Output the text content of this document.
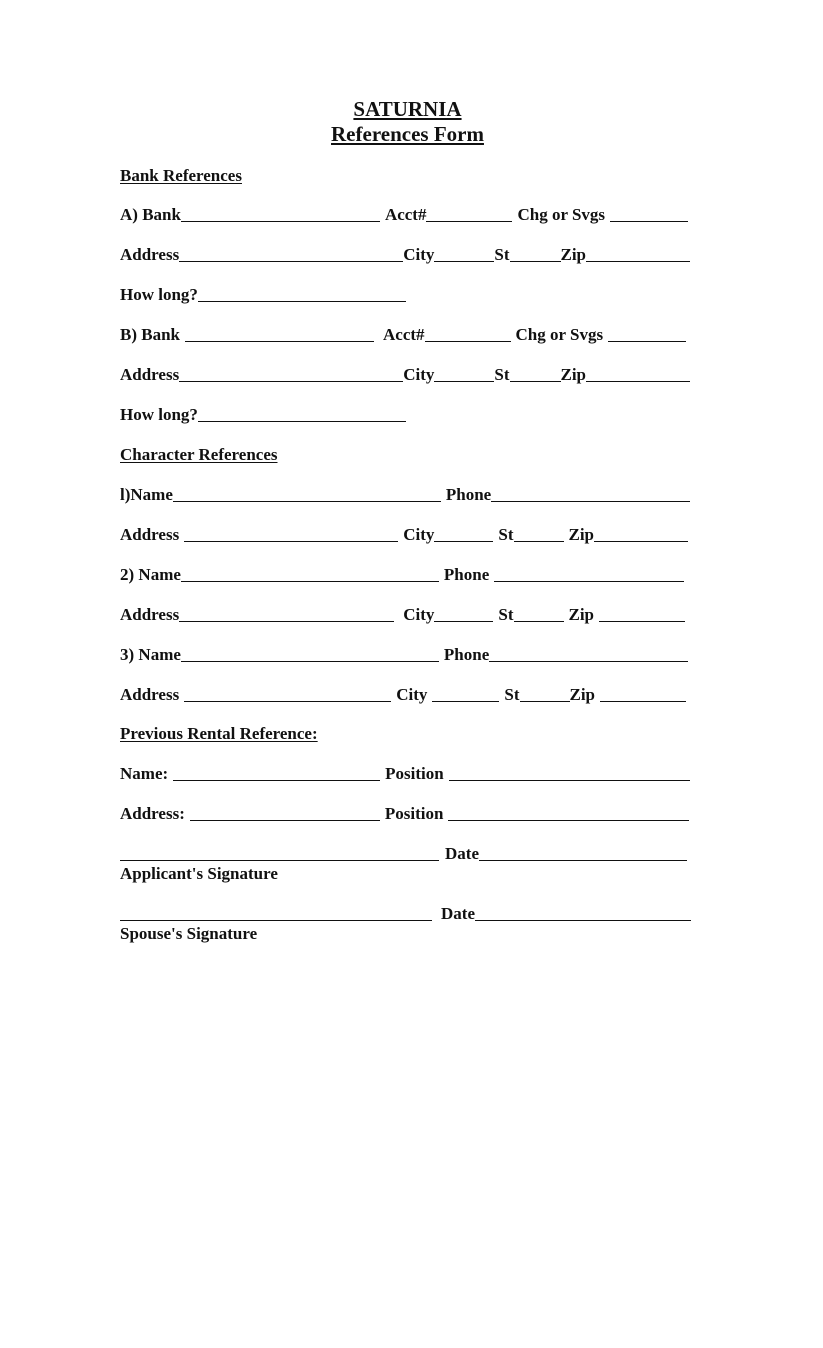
SATURNIA
References Form
Bank References
A) Bank	Acct#	Chg or Svgs
Address	City	St	Zip
How long?
B) Bank	Acct#	Chg or Svgs
Address	City	St	Zip
How long?
Character References
l)Name	Phone
Address	City	St	Zip
2) Name	Phone
Address	City	St	Zip
3) Name	Phone
Address	City	St	Zip
Previous Rental Reference:
Name:	Position
Address:	Position
Date
Applicant's Signature
Date
Spouse's Signature
